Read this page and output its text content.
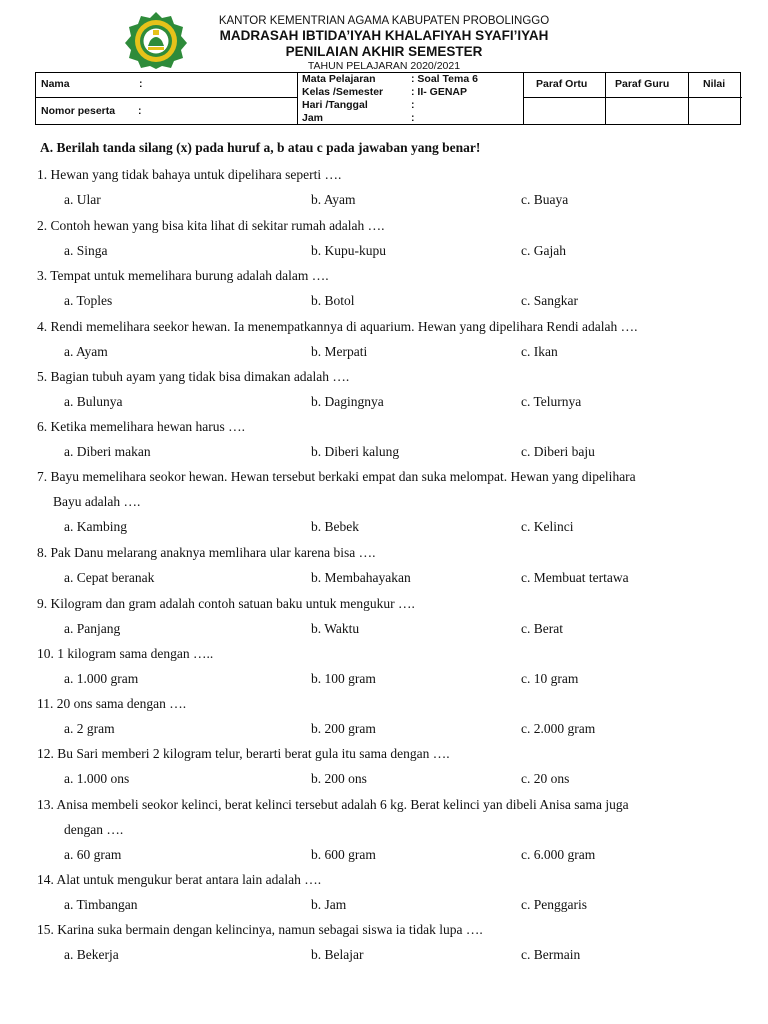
KANTOR KEMENTRIAN AGAMA KABUPATEN PROBOLINGGO
MADRASAH IBTIDA’IYAH KHALAFIYAH SYAFI’IYAH
PENILAIAN AKHIR SEMESTER
TAHUN PELAJARAN 2020/2021
Nama	:
Nomor peserta :
Mata Pelajaran	: Soal Tema 6
Kelas /Semester	: II- GENAP
Hari /Tanggal	:
Jam	:
Paraf Ortu	Paraf Guru	Nilai
A. Berilah tanda silang (x) pada huruf a, b atau c pada jawaban yang benar!
1. Hewan yang tidak bahaya untuk dipelihara seperti ….
a. Ular	b. Ayam	c. Buaya
2. Contoh hewan yang bisa kita lihat di sekitar rumah adalah ….
a. Singa	b. Kupu-kupu	c. Gajah
3. Tempat untuk memelihara burung adalah dalam ….
a. Toples	b. Botol	c. Sangkar
4. Rendi memelihara seekor hewan. Ia menempatkannya di aquarium. Hewan yang dipelihara Rendi adalah ….
a. Ayam	b. Merpati	c. Ikan
5. Bagian tubuh ayam yang tidak bisa dimakan adalah ….
a. Bulunya	b. Dagingnya	c. Telurnya
6. Ketika memelihara hewan harus ….
a. Diberi makan	b. Diberi kalung	c. Diberi baju
7. Bayu memelihara seokor hewan. Hewan tersebut berkaki empat dan suka melompat. Hewan yang dipelihara
Bayu adalah ….
a. Kambing	b. Bebek	c. Kelinci
8. Pak Danu melarang anaknya memlihara ular karena bisa ….
a. Cepat beranak	b. Membahayakan	c. Membuat tertawa
9. Kilogram dan gram adalah contoh satuan baku untuk mengukur ….
a. Panjang	b. Waktu	c. Berat
10. 1 kilogram sama dengan …..
a. 1.000 gram	b. 100 gram	c. 10 gram
11. 20 ons sama dengan ….
a. 2 gram	b. 200 gram	c. 2.000 gram
12. Bu Sari memberi 2 kilogram telur, berarti berat gula itu sama dengan ….
a. 1.000 ons	b. 200 ons	c. 20 ons
13. Anisa membeli seokor kelinci, berat kelinci tersebut adalah 6 kg. Berat kelinci yan dibeli Anisa sama juga
dengan ….
a. 60 gram	b. 600 gram	c. 6.000 gram
14. Alat untuk mengukur berat antara lain adalah ….
a. Timbangan	b. Jam	c. Penggaris
15. Karina suka bermain dengan kelincinya, namun sebagai siswa ia tidak lupa ….
a. Bekerja	b. Belajar	c. Bermain
